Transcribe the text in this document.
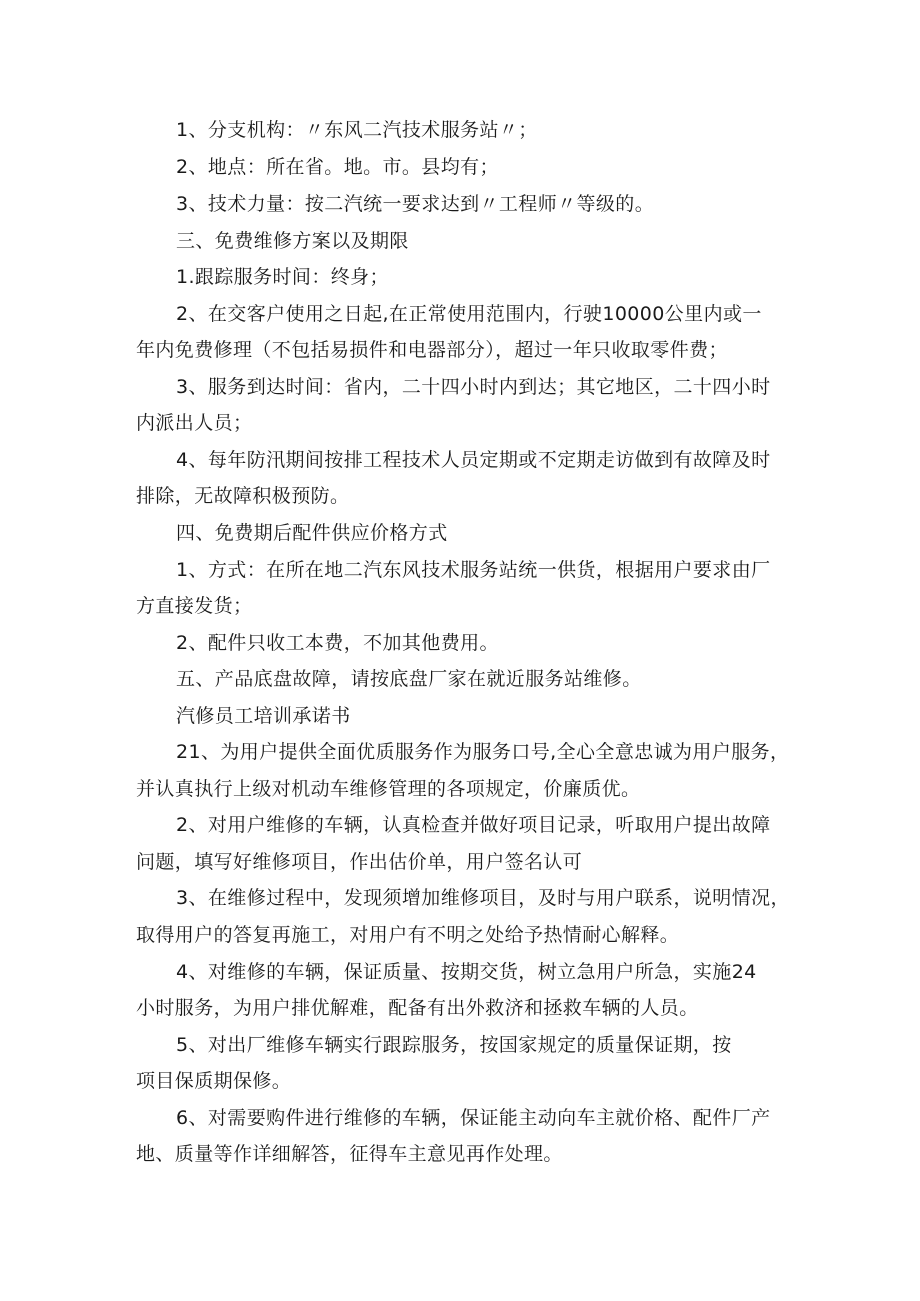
1、分支机构：〃东风二汽技术服务站〃；
2、地点：所在省。地。市。县均有；
3、技术力量：按二汽统一要求达到〃工程师〃等级的。
三、免费维修方案以及期限
1.跟踪服务时间：终身；
2、在交客户使用之日起,在正常使用范围内，行驶10000公里内或一
年内免费修理（不包括易损件和电器部分），超过一年只收取零件费；
3、服务到达时间：省内，二十四小时内到达；其它地区，二十四小时
内派出人员；
4、每年防汛期间按排工程技术人员定期或不定期走访做到有故障及时
排除，无故障积极预防。
四、免费期后配件供应价格方式
1、方式：在所在地二汽东风技术服务站统一供货，根据用户要求由厂
方直接发货；
2、配件只收工本费，不加其他费用。
五、产品底盘故障，请按底盘厂家在就近服务站维修。
汽修员工培训承诺书
21、为用户提供全面优质服务作为服务口号,全心全意忠诚为用户服务，
并认真执行上级对机动车维修管理的各项规定，价廉质优。
2、对用户维修的车辆，认真检查并做好项目记录，听取用户提出故障
问题，填写好维修项目，作出估价单，用户签名认可
3、在维修过程中，发现须增加维修项目，及时与用户联系，说明情况，
取得用户的答复再施工，对用户有不明之处给予热情耐心解释。
4、对维修的车辆，保证质量、按期交货，树立急用户所急，实施24
小时服务，为用户排优解难，配备有出外救济和拯救车辆的人员。
5、对出厂维修车辆实行跟踪服务，按国家规定的质量保证期，按
项目保质期保修。
6、对需要购件进行维修的车辆，保证能主动向车主就价格、配件厂产
地、质量等作详细解答，征得车主意见再作处理。
